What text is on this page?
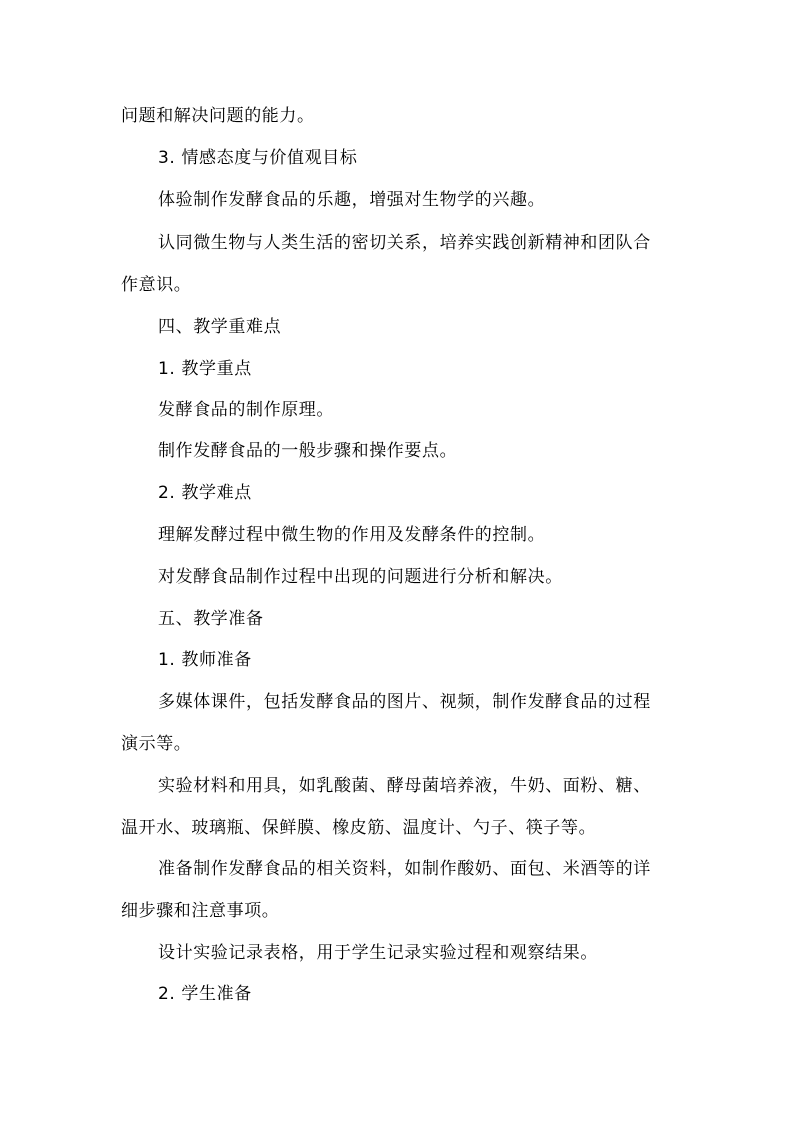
问题和解决问题的能力。
3. 情感态度与价值观目标
体验制作发酵食品的乐趣，增强对生物学的兴趣。
认同微生物与人类生活的密切关系，培养实践创新精神和团队合
作意识。
四、教学重难点
1. 教学重点
发酵食品的制作原理。
制作发酵食品的一般步骤和操作要点。
2. 教学难点
理解发酵过程中微生物的作用及发酵条件的控制。
对发酵食品制作过程中出现的问题进行分析和解决。
五、教学准备
1. 教师准备
多媒体课件，包括发酵食品的图片、视频，制作发酵食品的过程
演示等。
实验材料和用具，如乳酸菌、酵母菌培养液，牛奶、面粉、糖、
温开水、玻璃瓶、保鲜膜、橡皮筋、温度计、勺子、筷子等。
准备制作发酵食品的相关资料，如制作酸奶、面包、米酒等的详
细步骤和注意事项。
设计实验记录表格，用于学生记录实验过程和观察结果。
2. 学生准备
